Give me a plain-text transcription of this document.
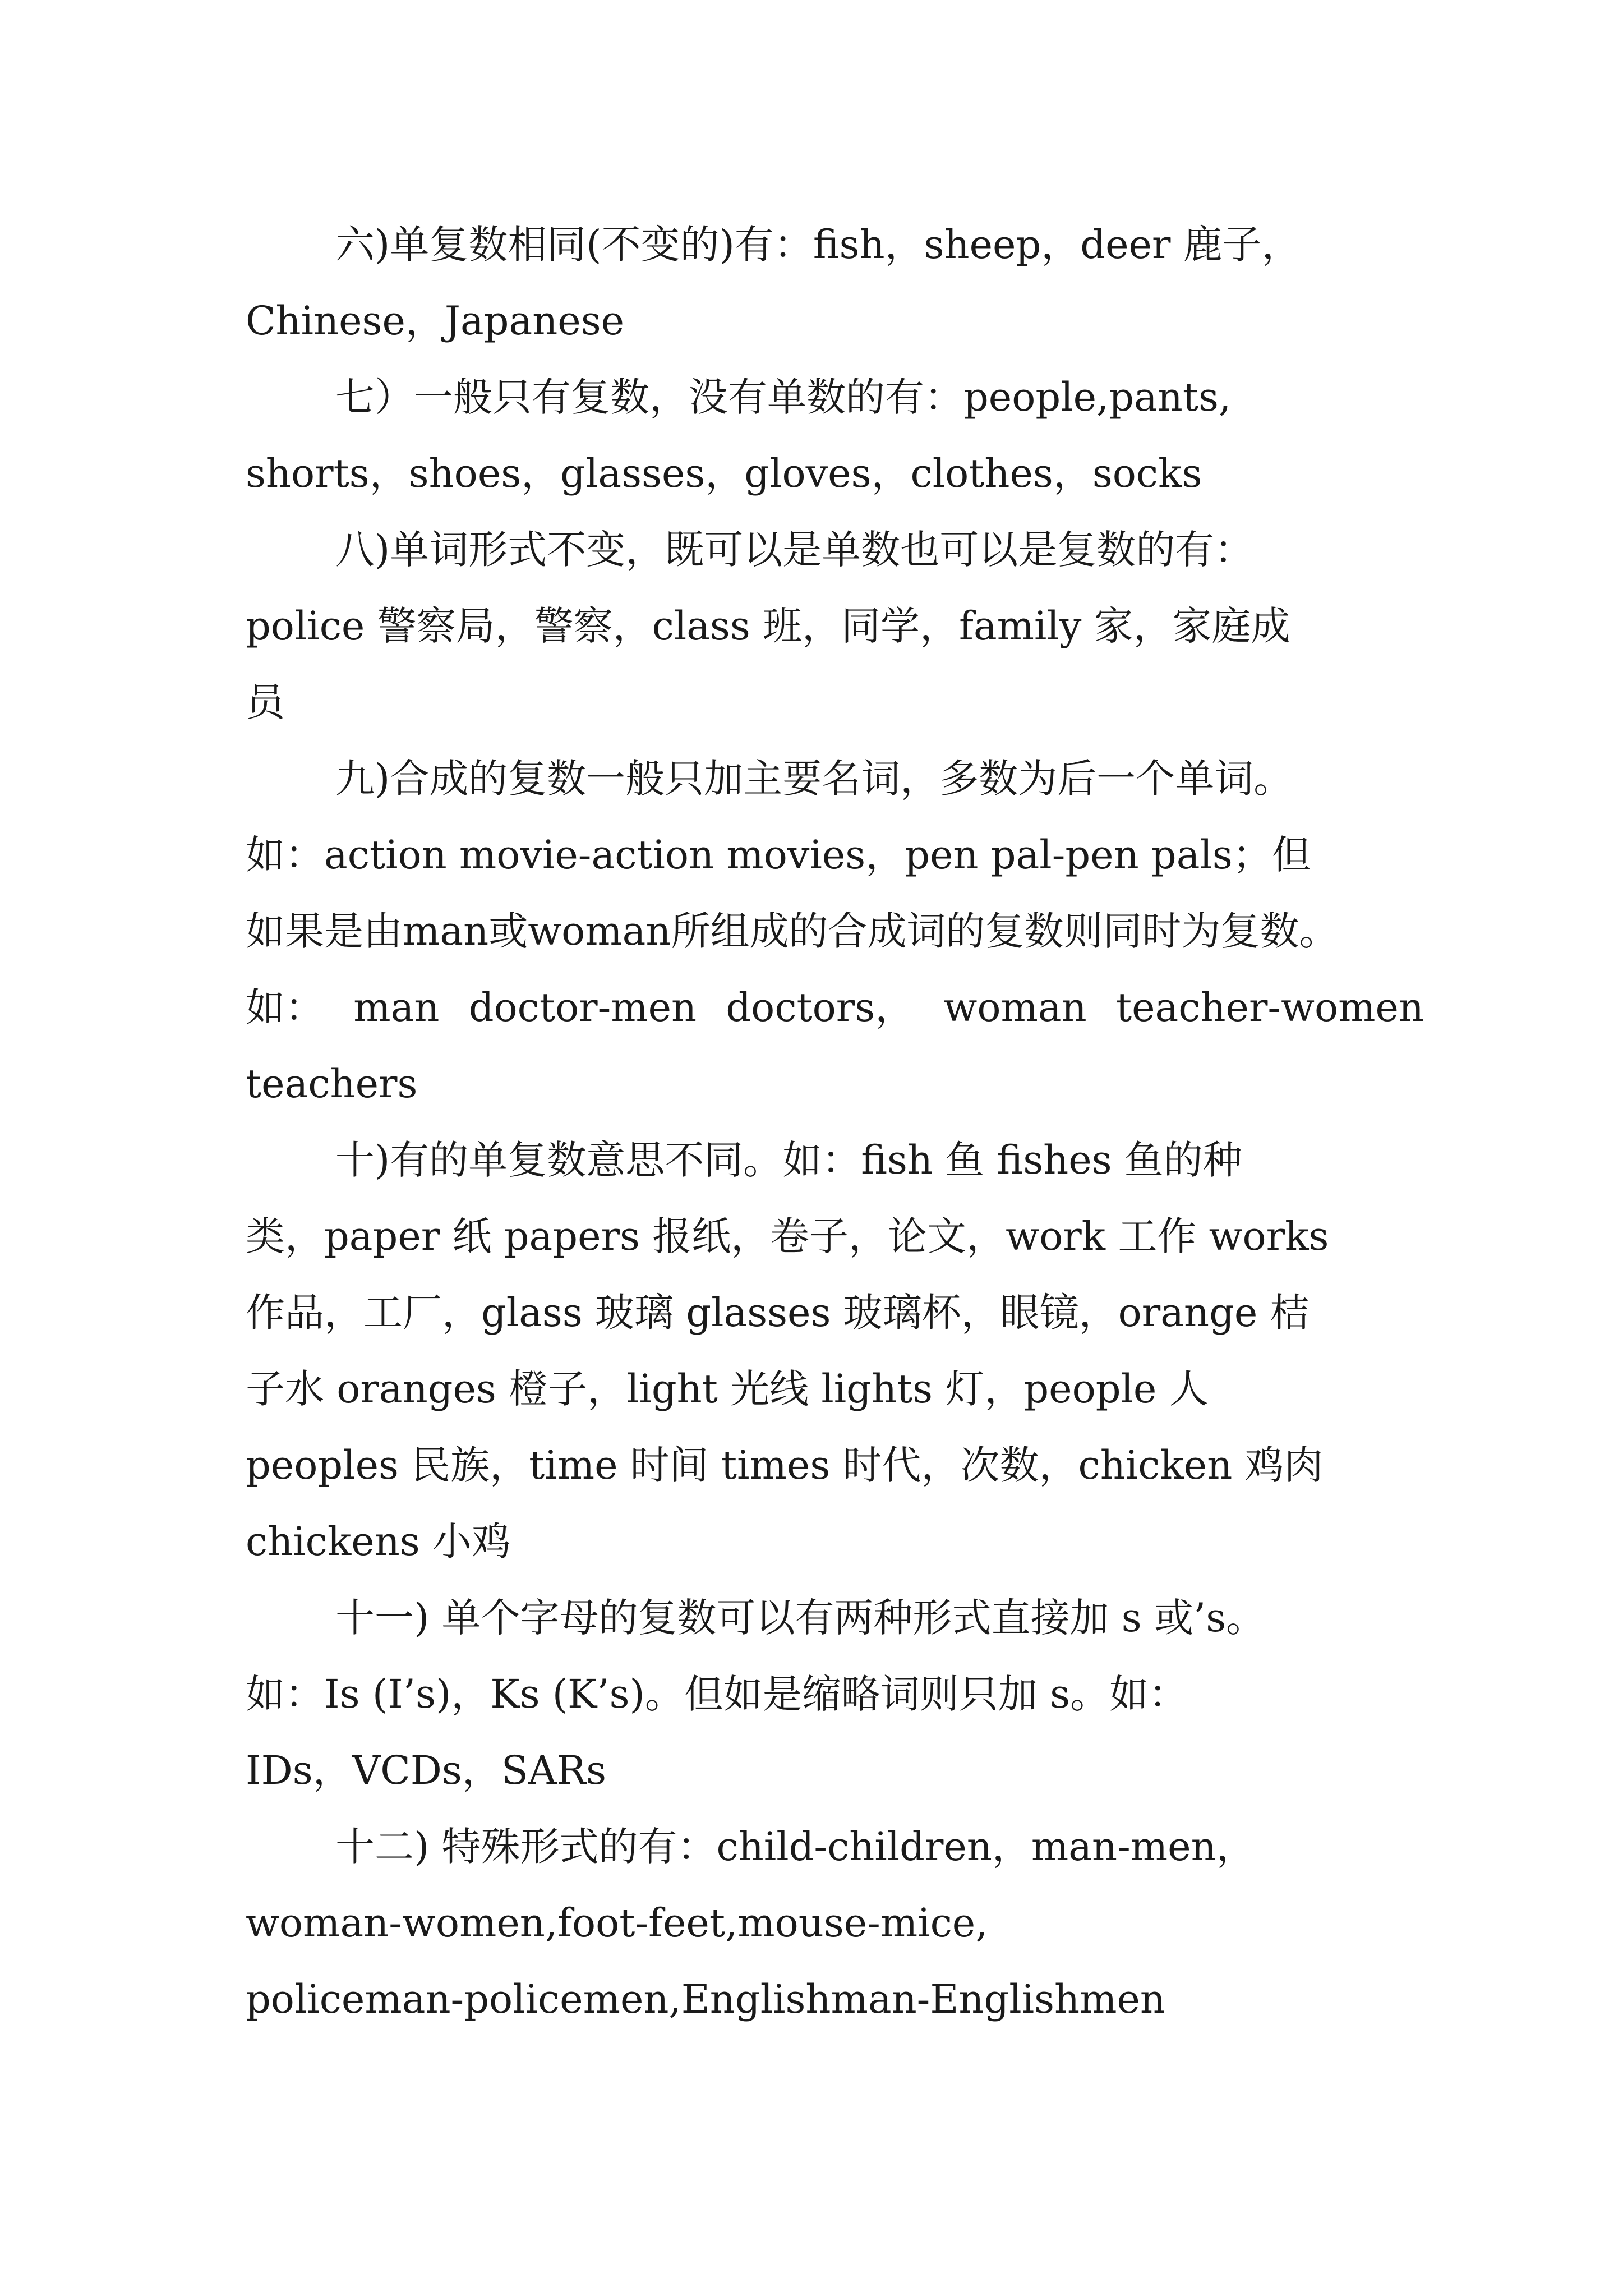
六)单复数相同(不变的)有：fish，sheep，deer 鹿子，
Chinese，Japanese
七）一般只有复数，没有单数的有：people,pants,
shorts，shoes，glasses，gloves，clothes，socks
八)单词形式不变，既可以是单数也可以是复数的有：
police 警察局，警察，class 班，同学，family 家，家庭成
员
九)合成的复数一般只加主要名词，多数为后一个单词。
如：action movie-action movies，pen pal-pen pals；但
如果是由man或woman所组成的合成词的复数则同时为复数。
如： man doctor-men doctors， woman teacher-women
teachers
十)有的单复数意思不同。如：fish 鱼 fishes 鱼的种
类，paper 纸 papers 报纸，卷子，论文，work 工作 works
作品，工厂，glass 玻璃 glasses 玻璃杯，眼镜，orange 桔
子水 oranges 橙子，light 光线 lights 灯，people 人
peoples 民族，time 时间 times 时代，次数，chicken 鸡肉
chickens 小鸡
十一) 单个字母的复数可以有两种形式直接加 s 或’s。
如：Is (I’s)，Ks (K’s)。但如是缩略词则只加 s。如：
IDs，VCDs，SARs
十二) 特殊形式的有：child-children，man-men，
woman-women,foot-feet,mouse-mice,
policeman-policemen,Englishman-Englishmen
